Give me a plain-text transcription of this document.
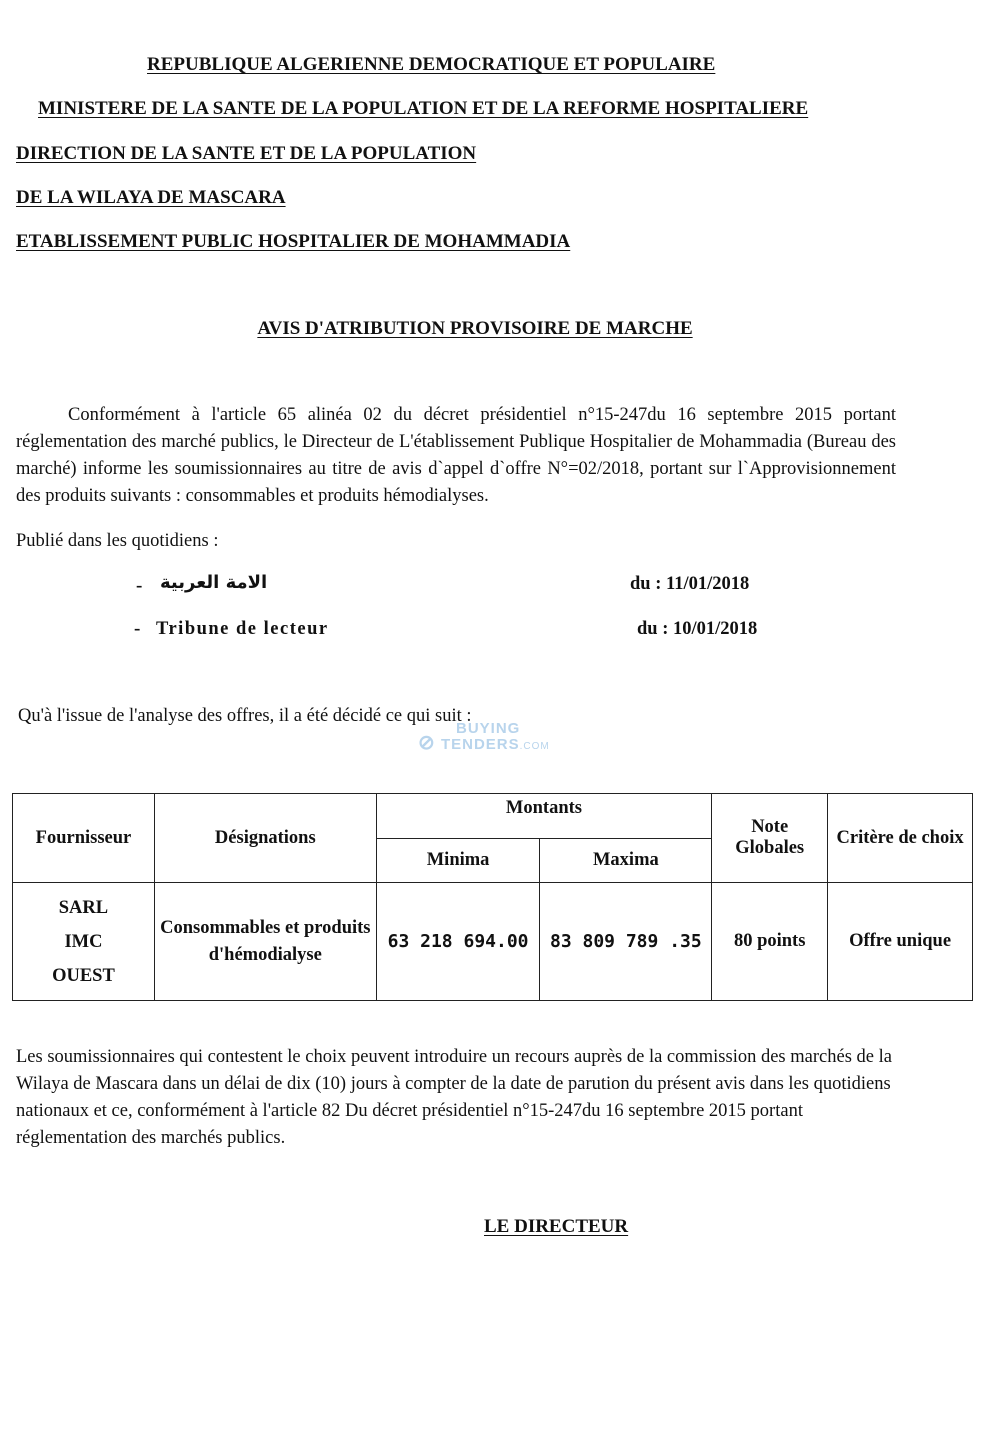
REPUBLIQUE ALGERIENNE DEMOCRATIQUE ET POPULAIRE
MINISTERE DE LA SANTE DE LA POPULATION ET DE LA REFORME HOSPITALIERE
DIRECTION DE LA SANTE ET DE LA POPULATION
DE LA WILAYA DE MASCARA
ETABLISSEMENT PUBLIC HOSPITALIER DE MOHAMMADIA
AVIS D'ATRIBUTION PROVISOIRE DE MARCHE
Conformément à l'article 65 alinéa 02 du décret présidentiel n°15-247du 16 septembre 2015 portant réglementation des marché publics, le Directeur de L'établissement Publique Hospitalier de Mohammadia (Bureau des marché) informe les soumissionnaires au titre de avis d`appel d`offre N°=02/2018, portant sur l`Approvisionnement des produits suivants : consommables et produits hémodialyses.
Publié dans les quotidiens :
- الامة العربية	du : 11/01/2018
- Tribune de lecteur	du : 10/01/2018
Qu'à l'issue de l'analyse des offres, il a été décidé ce qui suit :
BUYING
⊘ TENDERS.COM
Fournisseur	Désignations	Montants		Note Globales	Critère de choix
		Minima	Maxima		

SARL
IMC
OUEST	Consommables et produits d'hémodialyse	63 218 694.00	83 809 789 .35	80 points	Offre unique
Les soumissionnaires qui contestent le choix peuvent introduire un recours auprès de la commission des marchés de la Wilaya de Mascara dans un délai de dix (10) jours à compter de la date de parution du présent avis dans les quotidiens nationaux et ce, conformément à l'article 82 Du décret présidentiel n°15-247du 16 septembre 2015 portant réglementation des marchés publics.
LE DIRECTEUR
